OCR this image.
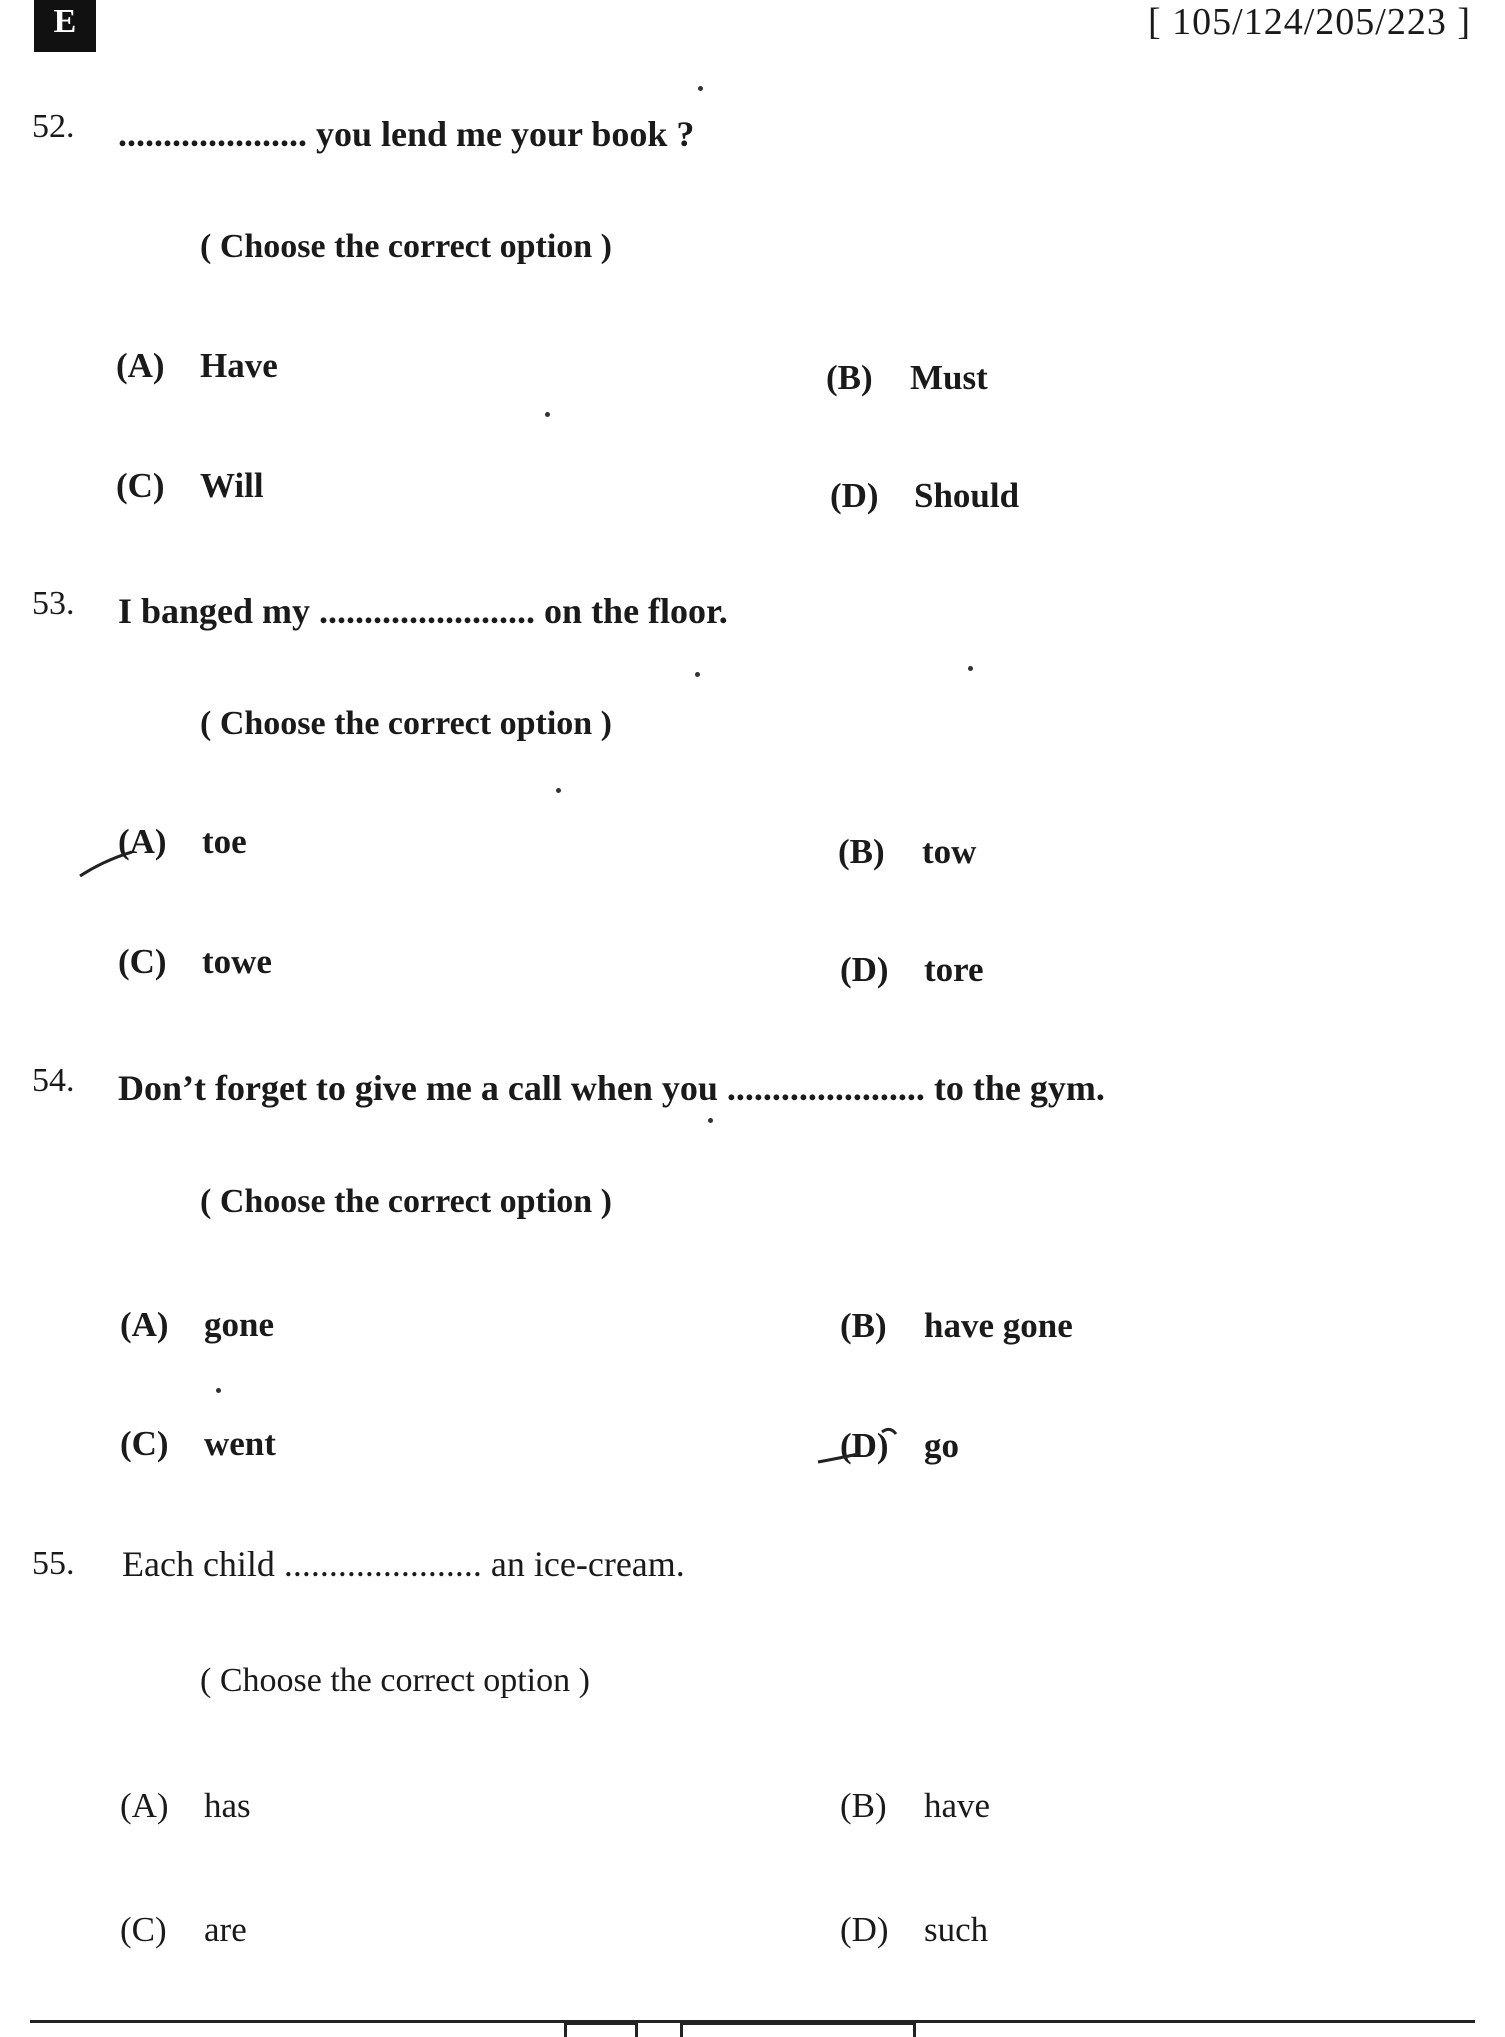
E	[ 105/124/205/223 ]
52. ..................... you lend me your book ?
( Choose the correct option )
(A) Have	(B) Must
(C) Will	(D) Should
53. I banged my ........................ on the floor.
( Choose the correct option )
(A) toe	(B) tow
(C) towe	(D) tore
54. Don’t forget to give me a call when you ...................... to the gym.
( Choose the correct option )
(A) gone	(B) have gone
(C) went	(D) go
55. Each child ...................... an ice-cream.
( Choose the correct option )
(A) has	(B) have
(C) are	(D) such
